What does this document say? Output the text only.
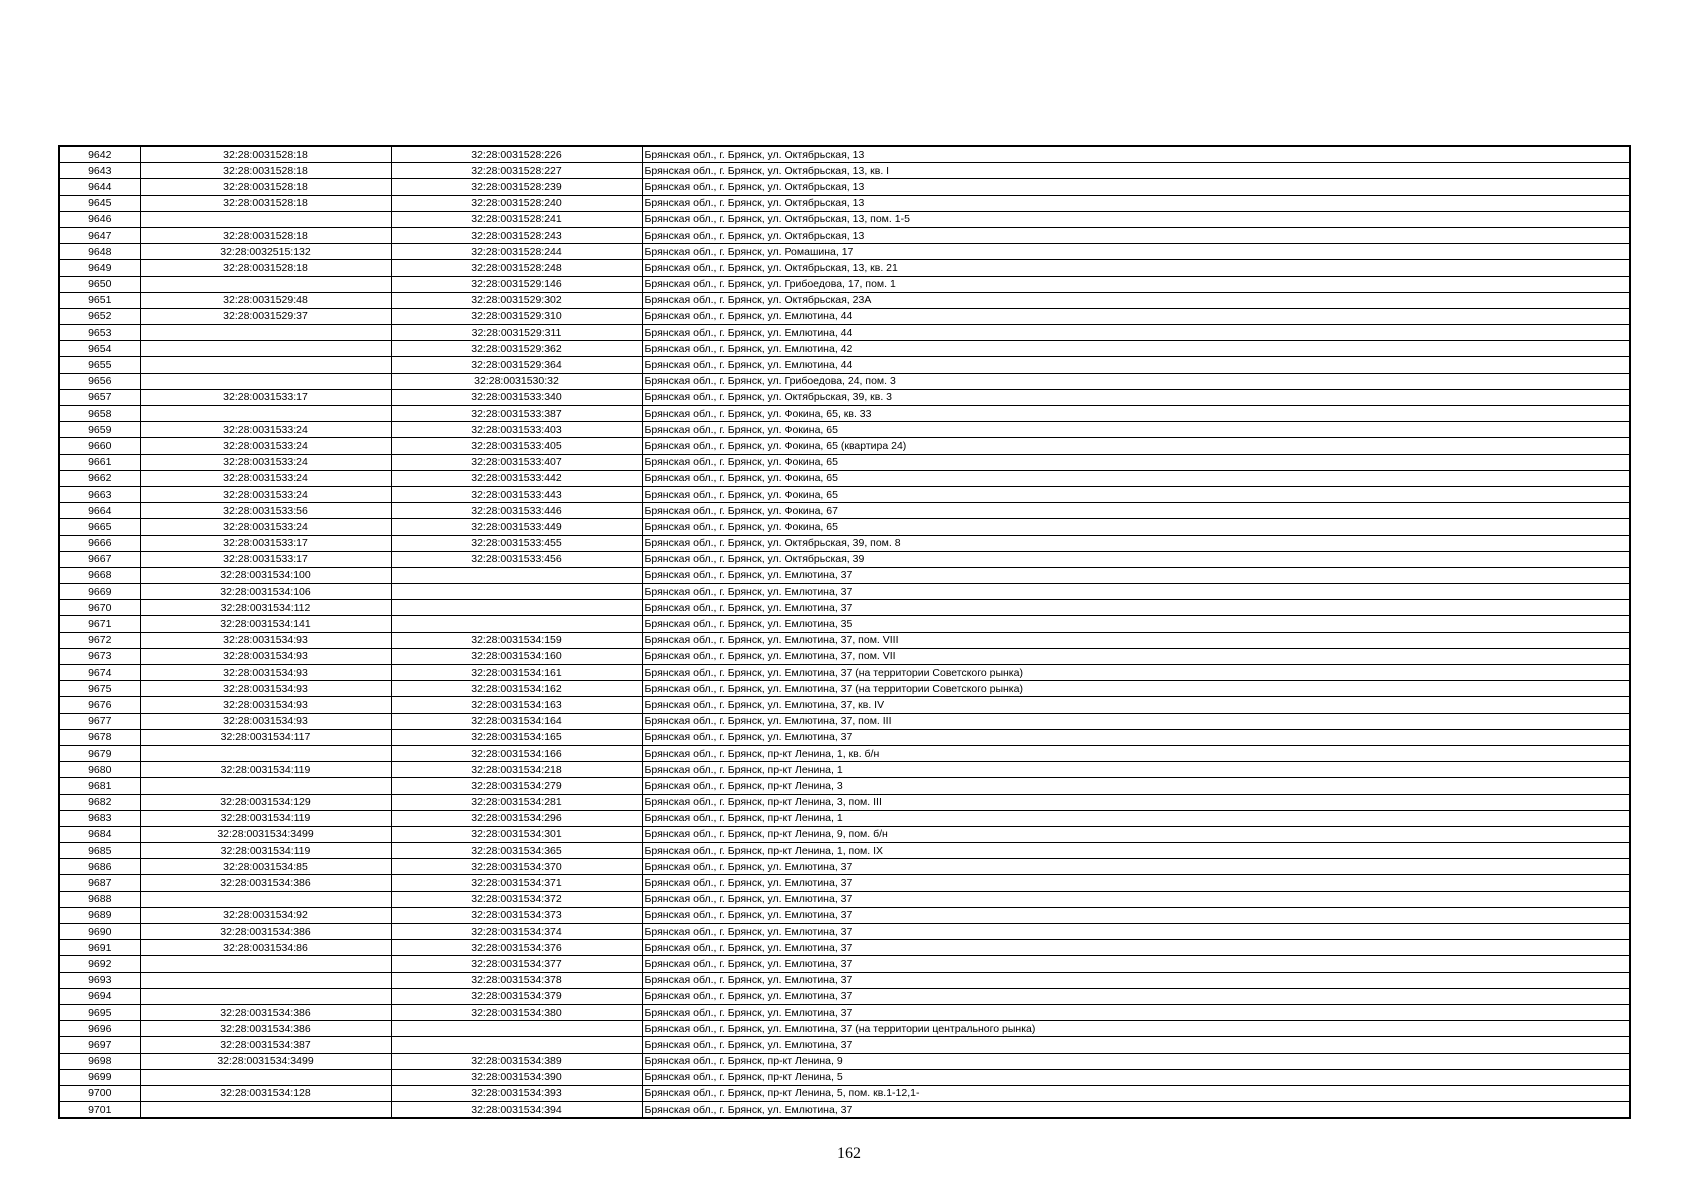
9642	32:28:0031528:18	32:28:0031528:226	Брянская обл., г. Брянск, ул. Октябрьская, 13
9643	32:28:0031528:18	32:28:0031528:227	Брянская обл., г. Брянск, ул. Октябрьская, 13, кв. I
9644	32:28:0031528:18	32:28:0031528:239	Брянская обл., г. Брянск, ул. Октябрьская, 13
9645	32:28:0031528:18	32:28:0031528:240	Брянская обл., г. Брянск, ул. Октябрьская, 13
9646		32:28:0031528:241	Брянская обл., г. Брянск, ул. Октябрьская, 13, пом. 1-5
9647	32:28:0031528:18	32:28:0031528:243	Брянская обл., г. Брянск, ул. Октябрьская, 13
9648	32:28:0032515:132	32:28:0031528:244	Брянская обл., г. Брянск, ул. Ромашина, 17
9649	32:28:0031528:18	32:28:0031528:248	Брянская обл., г. Брянск, ул. Октябрьская, 13, кв. 21
9650		32:28:0031529:146	Брянская обл., г. Брянск, ул. Грибоедова, 17, пом. 1
9651	32:28:0031529:48	32:28:0031529:302	Брянская обл., г. Брянск, ул. Октябрьская, 23А
9652	32:28:0031529:37	32:28:0031529:310	Брянская обл., г. Брянск, ул. Емлютина, 44
9653		32:28:0031529:311	Брянская обл., г. Брянск, ул. Емлютина, 44
9654		32:28:0031529:362	Брянская обл., г. Брянск, ул. Емлютина, 42
9655		32:28:0031529:364	Брянская обл., г. Брянск, ул. Емлютина, 44
9656		32:28:0031530:32	Брянская обл., г. Брянск, ул. Грибоедова, 24, пом. 3
9657	32:28:0031533:17	32:28:0031533:340	Брянская обл., г. Брянск, ул. Октябрьская, 39, кв. 3
9658		32:28:0031533:387	Брянская обл., г. Брянск, ул. Фокина, 65, кв. 33
9659	32:28:0031533:24	32:28:0031533:403	Брянская обл., г. Брянск, ул. Фокина, 65
9660	32:28:0031533:24	32:28:0031533:405	Брянская обл., г. Брянск, ул. Фокина, 65 (квартира 24)
9661	32:28:0031533:24	32:28:0031533:407	Брянская обл., г. Брянск, ул. Фокина, 65
9662	32:28:0031533:24	32:28:0031533:442	Брянская обл., г. Брянск, ул. Фокина, 65
9663	32:28:0031533:24	32:28:0031533:443	Брянская обл., г. Брянск, ул. Фокина, 65
9664	32:28:0031533:56	32:28:0031533:446	Брянская обл., г. Брянск, ул. Фокина, 67
9665	32:28:0031533:24	32:28:0031533:449	Брянская обл., г. Брянск, ул. Фокина, 65
9666	32:28:0031533:17	32:28:0031533:455	Брянская обл., г. Брянск, ул. Октябрьская, 39, пом. 8
9667	32:28:0031533:17	32:28:0031533:456	Брянская обл., г. Брянск, ул. Октябрьская, 39
9668	32:28:0031534:100		Брянская обл., г. Брянск, ул. Емлютина, 37
9669	32:28:0031534:106		Брянская обл., г. Брянск, ул. Емлютина, 37
9670	32:28:0031534:112		Брянская обл., г. Брянск, ул. Емлютина, 37
9671	32:28:0031534:141		Брянская обл., г. Брянск, ул. Емлютина, 35
9672	32:28:0031534:93	32:28:0031534:159	Брянская обл., г. Брянск, ул. Емлютина, 37, пом. VIII
9673	32:28:0031534:93	32:28:0031534:160	Брянская обл., г. Брянск, ул. Емлютина, 37, пом. VII
9674	32:28:0031534:93	32:28:0031534:161	Брянская обл., г. Брянск, ул. Емлютина, 37 (на территории Советского рынка)
9675	32:28:0031534:93	32:28:0031534:162	Брянская обл., г. Брянск, ул. Емлютина, 37 (на территории Советского рынка)
9676	32:28:0031534:93	32:28:0031534:163	Брянская обл., г. Брянск, ул. Емлютина, 37, кв. IV
9677	32:28:0031534:93	32:28:0031534:164	Брянская обл., г. Брянск, ул. Емлютина, 37, пом. III
9678	32:28:0031534:117	32:28:0031534:165	Брянская обл., г. Брянск, ул. Емлютина, 37
9679		32:28:0031534:166	Брянская обл., г. Брянск, пр-кт Ленина, 1, кв. б/н
9680	32:28:0031534:119	32:28:0031534:218	Брянская обл., г. Брянск, пр-кт Ленина, 1
9681		32:28:0031534:279	Брянская обл., г. Брянск, пр-кт Ленина, 3
9682	32:28:0031534:129	32:28:0031534:281	Брянская обл., г. Брянск, пр-кт Ленина, 3, пом. III
9683	32:28:0031534:119	32:28:0031534:296	Брянская обл., г. Брянск, пр-кт Ленина, 1
9684	32:28:0031534:3499	32:28:0031534:301	Брянская обл., г. Брянск, пр-кт Ленина, 9, пом. б/н
9685	32:28:0031534:119	32:28:0031534:365	Брянская обл., г. Брянск, пр-кт Ленина, 1, пом. IX
9686	32:28:0031534:85	32:28:0031534:370	Брянская обл., г. Брянск, ул. Емлютина, 37
9687	32:28:0031534:386	32:28:0031534:371	Брянская обл., г. Брянск, ул. Емлютина, 37
9688		32:28:0031534:372	Брянская обл., г. Брянск, ул. Емлютина, 37
9689	32:28:0031534:92	32:28:0031534:373	Брянская обл., г. Брянск, ул. Емлютина, 37
9690	32:28:0031534:386	32:28:0031534:374	Брянская обл., г. Брянск, ул. Емлютина, 37
9691	32:28:0031534:86	32:28:0031534:376	Брянская обл., г. Брянск, ул. Емлютина, 37
9692		32:28:0031534:377	Брянская обл., г. Брянск, ул. Емлютина, 37
9693		32:28:0031534:378	Брянская обл., г. Брянск, ул. Емлютина, 37
9694		32:28:0031534:379	Брянская обл., г. Брянск, ул. Емлютина, 37
9695	32:28:0031534:386	32:28:0031534:380	Брянская обл., г. Брянск, ул. Емлютина, 37
9696	32:28:0031534:386		Брянская обл., г. Брянск, ул. Емлютина, 37 (на территории центрального рынка)
9697	32:28:0031534:387		Брянская обл., г. Брянск, ул. Емлютина, 37
9698	32:28:0031534:3499	32:28:0031534:389	Брянская обл., г. Брянск, пр-кт Ленина, 9
9699		32:28:0031534:390	Брянская обл., г. Брянск, пр-кт Ленина, 5
9700	32:28:0031534:128	32:28:0031534:393	Брянская обл., г. Брянск, пр-кт Ленина, 5, пом. кв.1-12,1-
9701		32:28:0031534:394	Брянская обл., г. Брянск, ул. Емлютина, 37
162
